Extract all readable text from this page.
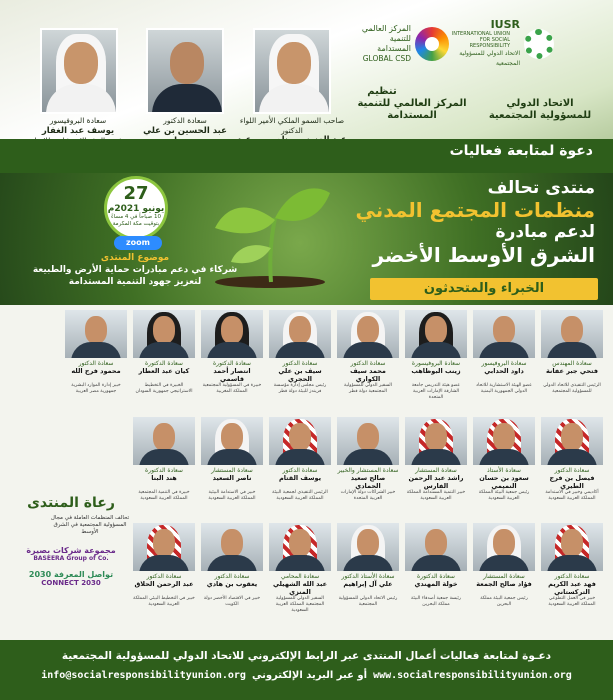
IUSR

INTERNATIONAL UNION FOR SOCIAL RESPONSIBILITY
الاتحاد الدولي للمسؤولية المجتمعية
المركز العالمي للتنمية المستدامة
GLOBAL CSD
تنظيم
الاتحاد الدولي للمسؤولية المجتمعية
المركز العالمي للتنمية المستدامة
صاحب السمو الملكي الأمير اللواء الدكتور
سعادة الدكتور
عبد الحسين بن علي
سعادة البروفيسور
يوسف عبد الغفار
دعوة لمتابعة فعاليات
منتدى تحالف
منظمات المجتمع المدني
لدعم مبادرة
الشرق الأوسط الأخضر
27
يونيو 2021م
10 صباحاً في 4 مساءً
بتوقيت مكة المكرمة
zoom
موضوع المنتدى
شركاء في دعم مبادرات حماية الأرض والطبيعة لتعزيز جهود التنمية المستدامة	الخبراء والمتحدثون
سعادة المهندس
فتحي جبر عفانة
الرئيس التنفيذي للاتحاد الدولي للمسؤولية المجتمعية
سعادة البروفيسور
داود الحدابي
عضو الهيئة الاستشارية للاتحاد الدولي الجمهورية اليمنية
سعادة البروفيسورة
زينب البوظاهب
عضو هيئة التدريس جامعة الشارقة الإمارات العربية المتحدة
سعادة الدكتور
محمد سيف الكواري
السفير الدولي للمسؤولية المجتمعية دولة قطر
سعادة الدكتور
سيف بن علي الحجري
رئيس مجلس إدارة مؤسسة فريندز للبيئة دولة قطر
سعادة الدكتورة
انتصار أحمد قاسمي
خبيرة في المسؤولية المجتمعية المملكة المغربية
سعادة الدكتورة
كيان عبد العطار
الخبيرة في التخطيط الاستراتيجي جمهورية السودان
سعادة الدكتور
محمود فرج الله
خبير إدارة الموارد البشرية جمهورية مصر العربية
سعادة الدكتور
فيصل بن فرج الطيري
أكاديمي وخبير في الاستدامة المملكة العربية السعودية
سعادة الأستاذ
سعود بن حسان النميمي
رئيس جمعية البيئة المملكة العربية السعودية
سعادة المستشار
راشد عبد الرحمن الفارس
خبير التنمية المستدامة المملكة العربية السعودية
سعادة المستشار والخبير
صالح سعيد الحمادي
خبير الشراكات دولة الإمارات العربية المتحدة
سعادة الدكتور
يوسف القتام
الرئيس التنفيذي لجمعية البيئة المملكة العربية السعودية
سعادة المستشار
ناصر السعيد
خبير في الاستدامة البيئية المملكة العربية السعودية
سعادة الدكتورة
هند البنا
خبيرة في التنمية المجتمعية المملكة العربية السعودية
سعادة الدكتور
فهد عبد الكريم التركستاني
خبير في العمل التطوعي المملكة العربية السعودية
سعادة المستشار
فؤاد صالح الجمعة
رئيس جمعية البيئة مملكة البحرين
سعادة الدكتورة
خولة المهندي
رئيسة جمعية أصدقاء البيئة مملكة البحرين
سعادة الأستاذ الدكتور
علي آل إبراهيم
رئيس الاتحاد الدولي للمسؤولية المجتمعية
سعادة المحامي
عبد الله الشهيلي المنزي
السفير الدولي للمسؤولية المجتمعية المملكة العربية السعودية
سعادة الدكتور
يعقوب بن هادي
خبير في الاقتصاد الأخضر دولة الكويت
سعادة الدكتور
عبد الرحمن الحلاق
خبير في التخطيط البيئي المملكة العربية السعودية
رعاة المنتدى
تحالف المنظمات العاملة في مجال المسؤولية المجتمعية في الشرق الأوسط
مجموعة شركات بصيرة
BASEERA Group of Co.
تواصل المعرفة 2030
CONNECT 2030
دعـوة لمتابعة فعاليات أعمال المنتدى عبر الرابط الإلكتروني للاتحاد الدولي للمسؤولية المجتمعية
info@socialresponsibilityunion.org أو عبر البريد الإلكتروني www.socialresponsibilityunion.org
